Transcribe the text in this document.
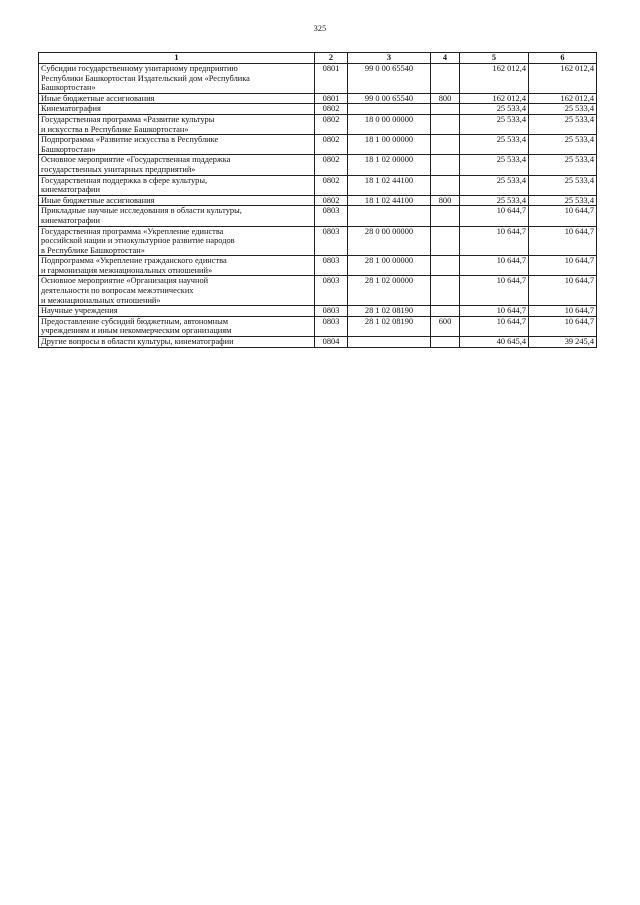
325
1	2	3	4	5	6
Субсидии государственному унитарному предприятию
Республики Башкортостан Издательский дом «Республика
Башкортостан»	0801	99 0 00 65540		162 012,4	162 012,4
Иные бюджетные ассигнования	0801	99 0 00 65540	800	162 012,4	162 012,4
Кинематография	0802			25 533,4	25 533,4
Государственная программа «Развитие культуры
и искусства в Республике Башкортостан»	0802	18 0 00 00000		25 533,4	25 533,4
Подпрограмма «Развитие искусства в Республике
Башкортостан»	0802	18 1 00 00000		25 533,4	25 533,4
Основное мероприятие «Государственная поддержка
государственных унитарных предприятий»	0802	18 1 02 00000		25 533,4	25 533,4
Государственная поддержка в сфере культуры,
кинематографии	0802	18 1 02 44100		25 533,4	25 533,4
Иные бюджетные ассигнования	0802	18 1 02 44100	800	25 533,4	25 533,4
Прикладные научные исследования в области культуры,
кинематографии	0803			10 644,7	10 644,7
Государственная программа «Укрепление единства
российской нации и этнокультурное развитие народов
в Республике Башкортостан»	0803	28 0 00 00000		10 644,7	10 644,7
Подпрограмма «Укрепление гражданского единства
и гармонизация межнациональных отношений»	0803	28 1 00 00000		10 644,7	10 644,7
Основное мероприятие «Организация научной
деятельности по вопросам межэтнических
и межнациональных отношений»	0803	28 1 02 00000		10 644,7	10 644,7
Научные учреждения	0803	28 1 02 08190		10 644,7	10 644,7
Предоставление субсидий бюджетным, автономным
учреждениям и иным некоммерческим организациям	0803	28 1 02 08190	600	10 644,7	10 644,7
Другие вопросы в области культуры, кинематографии	0804			40 645,4	39 245,4
